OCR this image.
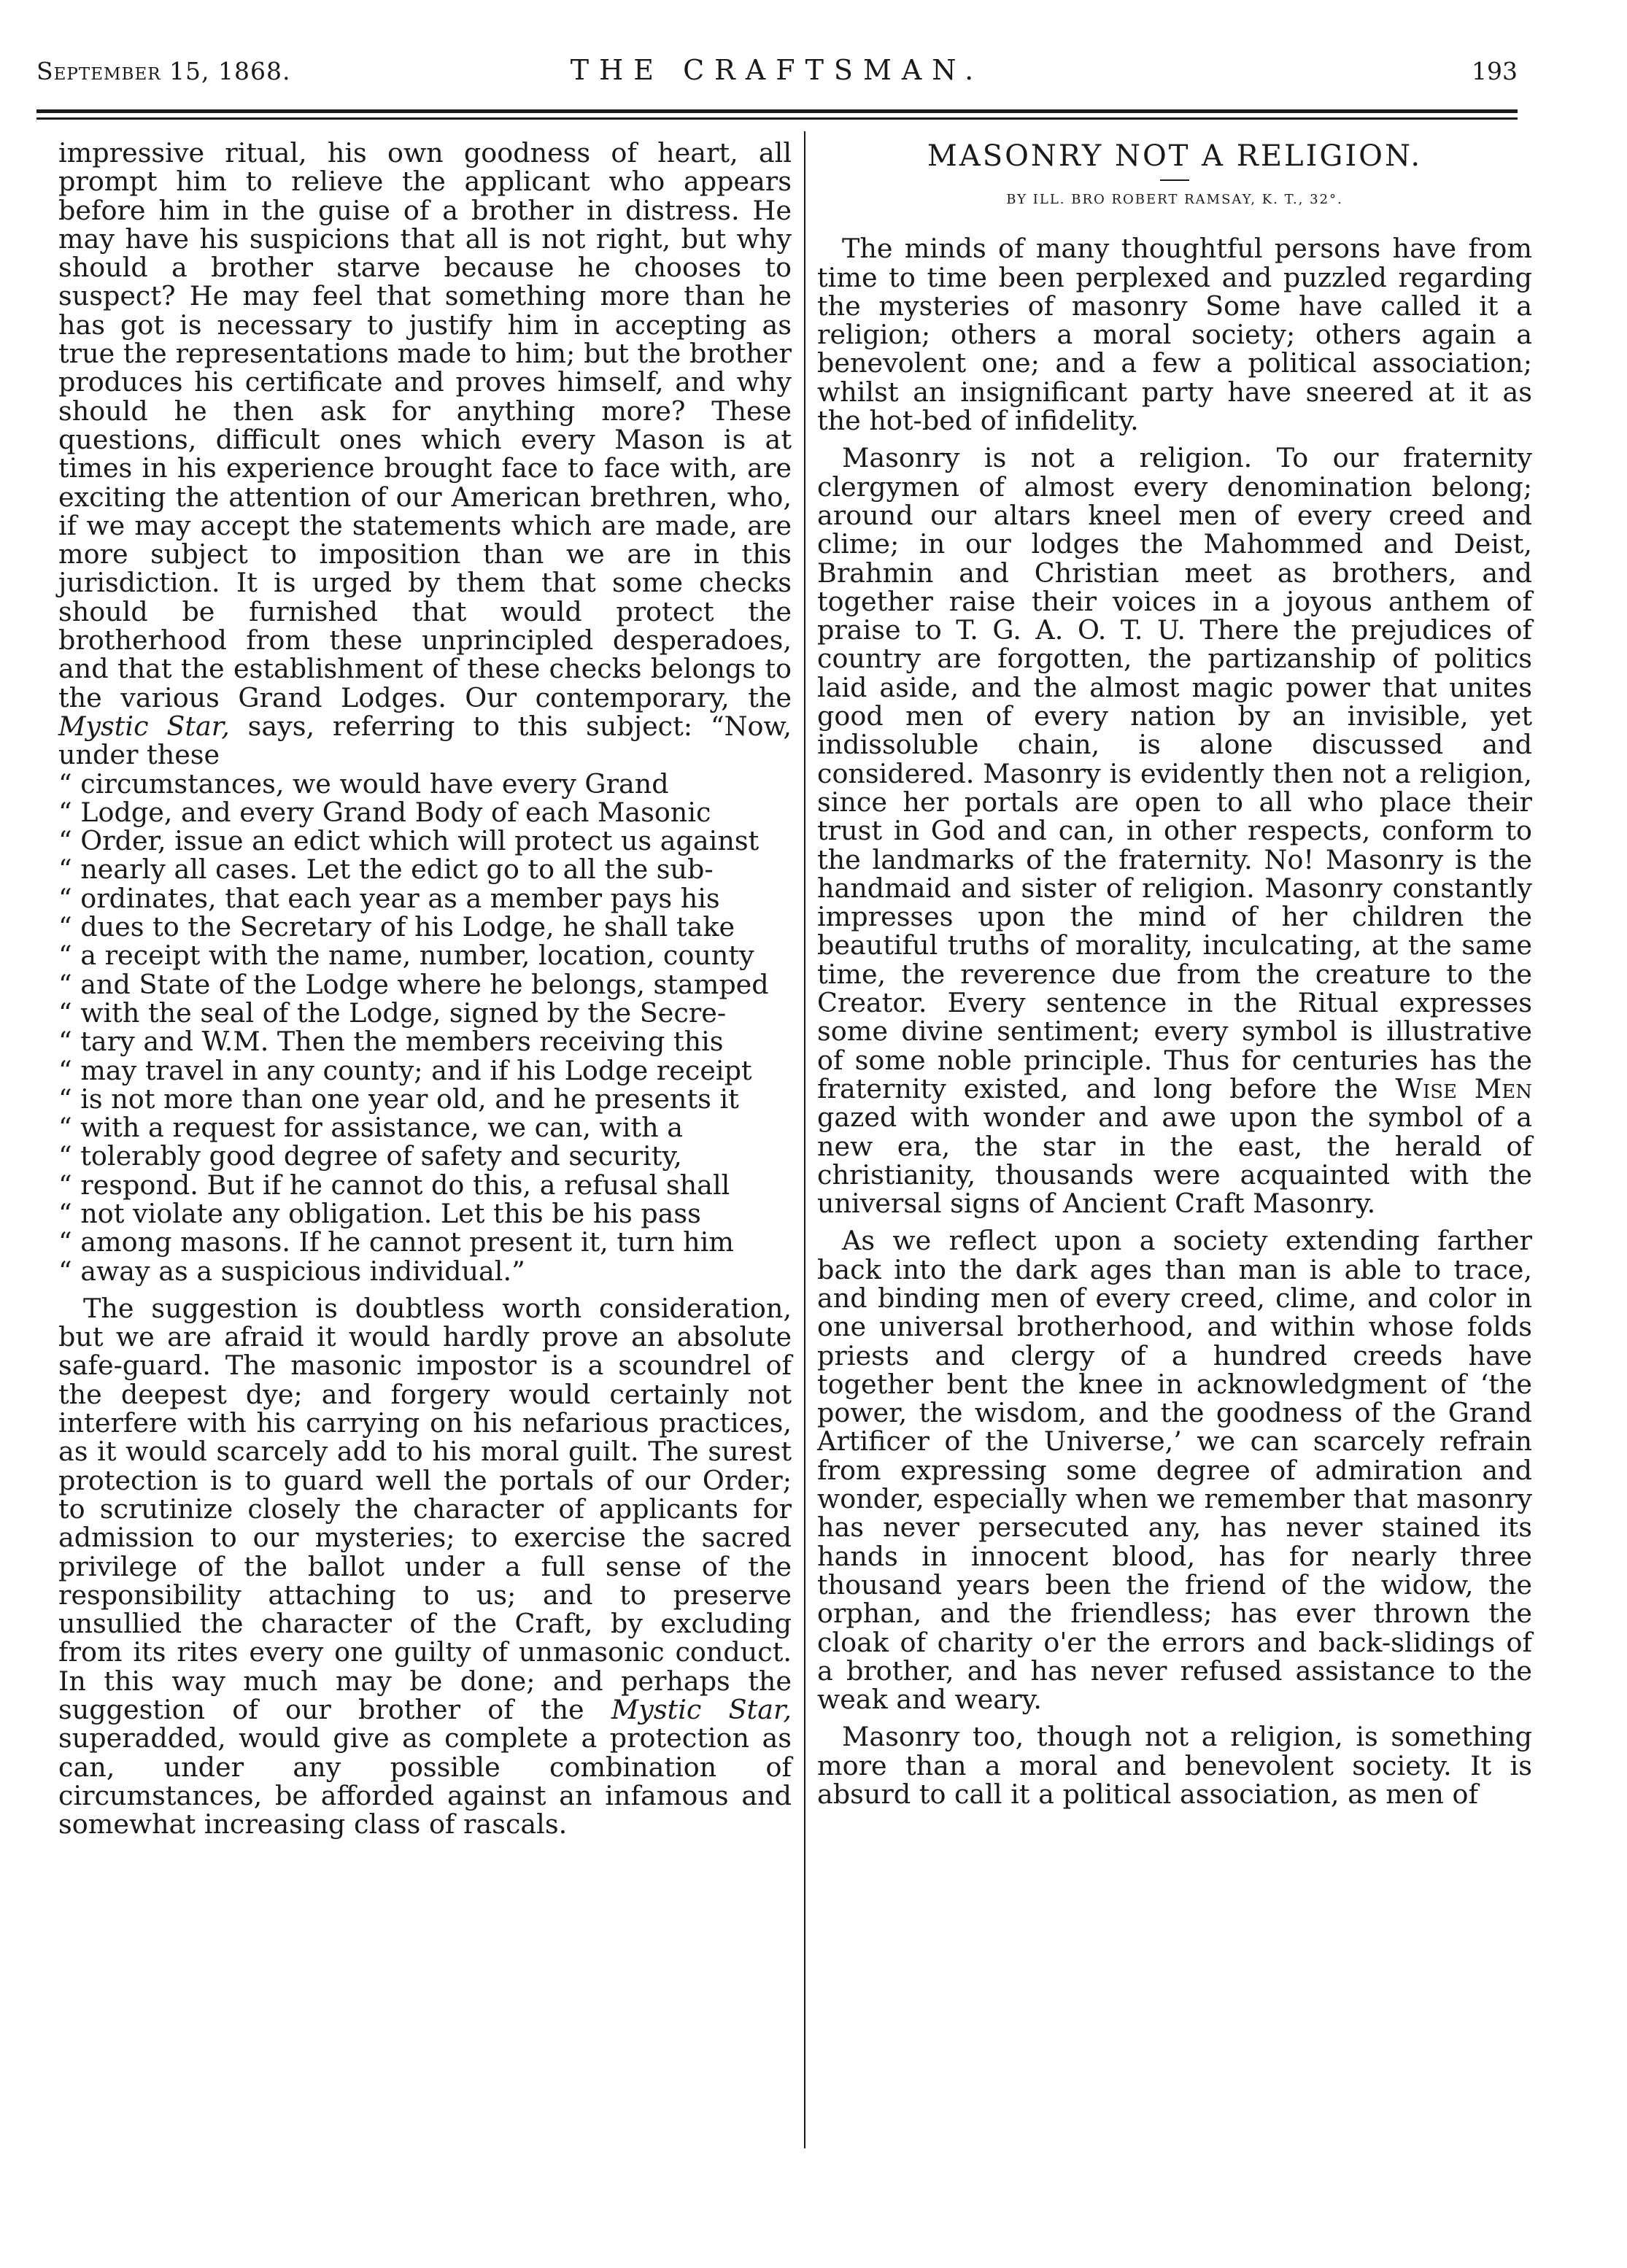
September 15, 1868.	THE CRAFTSMAN.	193

impressive ritual, his own goodness of heart, all prompt him to relieve the applicant who appears before him in the guise of a brother in distress. He may have his suspicions that all is not right, but why should a brother starve because he chooses to suspect? He may feel that something more than he has got is necessary to justify him in accepting as true the representations made to him; but the brother produces his certificate and proves himself, and why should he then ask for anything more? These questions, difficult ones which every Mason is at times in his experience brought face to face with, are exciting the attention of our American brethren, who, if we may accept the statements which are made, are more subject to imposition than we are in this jurisdiction. It is urged by them that some checks should be furnished that would protect the brotherhood from these unprincipled desperadoes, and that the establishment of these checks belongs to the various Grand Lodges. Our contemporary, the Mystic Star, says, referring to this subject: “Now, under these

“ circumstances, we would have every Grand
“ Lodge, and every Grand Body of each Masonic
“ Order, issue an edict which will protect us against
“ nearly all cases. Let the edict go to all the sub-
“ ordinates, that each year as a member pays his
“ dues to the Secretary of his Lodge, he shall take
“ a receipt with the name, number, location, county
“ and State of the Lodge where he belongs, stamped
“ with the seal of the Lodge, signed by the Secre-
“ tary and W.M. Then the members receiving this
“ may travel in any county; and if his Lodge receipt
“ is not more than one year old, and he presents it
“ with a request for assistance, we can, with a
“ tolerably good degree of safety and security,
“ respond. But if he cannot do this, a refusal shall
“ not violate any obligation. Let this be his pass
“ among masons. If he cannot present it, turn him
“ away as a suspicious individual.”

The suggestion is doubtless worth consideration, but we are afraid it would hardly prove an absolute safe-guard. The masonic impostor is a scoundrel of the deepest dye; and forgery would certainly not interfere with his carrying on his nefarious practices, as it would scarcely add to his moral guilt. The surest protection is to guard well the portals of our Order; to scrutinize closely the character of applicants for admission to our mysteries; to exercise the sacred privilege of the ballot under a full sense of the responsibility attaching to us; and to preserve unsullied the character of the Craft, by excluding from its rites every one guilty of unmasonic conduct. In this way much may be done; and perhaps the suggestion of our brother of the Mystic Star, superadded, would give as complete a protection as can, under any possible combination of circumstances, be afforded against an infamous and somewhat increasing class of rascals.

MASONRY NOT A RELIGION.
BY ILL. BRO ROBERT RAMSAY, K. T., 32°.

The minds of many thoughtful persons have from time to time been perplexed and puzzled regarding the mysteries of masonry Some have called it a religion; others a moral society; others again a benevolent one; and a few a political association; whilst an insignificant party have sneered at it as the hot-bed of infidelity.

Masonry is not a religion. To our fraternity clergymen of almost every denomination belong; around our altars kneel men of every creed and clime; in our lodges the Mahommed and Deist, Brahmin and Christian meet as brothers, and together raise their voices in a joyous anthem of praise to T. G. A. O. T. U. There the prejudices of country are forgotten, the partizanship of politics laid aside, and the almost magic power that unites good men of every nation by an invisible, yet indissoluble chain, is alone discussed and considered. Masonry is evidently then not a religion, since her portals are open to all who place their trust in God and can, in other respects, conform to the landmarks of the fraternity. No! Masonry is the handmaid and sister of religion. Masonry constantly impresses upon the mind of her children the beautiful truths of morality, inculcating, at the same time, the reverence due from the creature to the Creator. Every sentence in the Ritual expresses some divine sentiment; every symbol is illustrative of some noble principle. Thus for centuries has the fraternity existed, and long before the Wise Men gazed with wonder and awe upon the symbol of a new era, the star in the east, the herald of christianity, thousands were acquainted with the universal signs of Ancient Craft Masonry.

As we reflect upon a society extending farther back into the dark ages than man is able to trace, and binding men of every creed, clime, and color in one universal brotherhood, and within whose folds priests and clergy of a hundred creeds have together bent the knee in acknowledgment of ‘the power, the wisdom, and the goodness of the Grand Artificer of the Universe,’ we can scarcely refrain from expressing some degree of admiration and wonder, especially when we remember that masonry has never persecuted any, has never stained its hands in innocent blood, has for nearly three thousand years been the friend of the widow, the orphan, and the friendless; has ever thrown the cloak of charity o'er the errors and back-slidings of a brother, and has never refused assistance to the weak and weary.

Masonry too, though not a religion, is something more than a moral and benevolent society. It is absurd to call it a political association, as men of
